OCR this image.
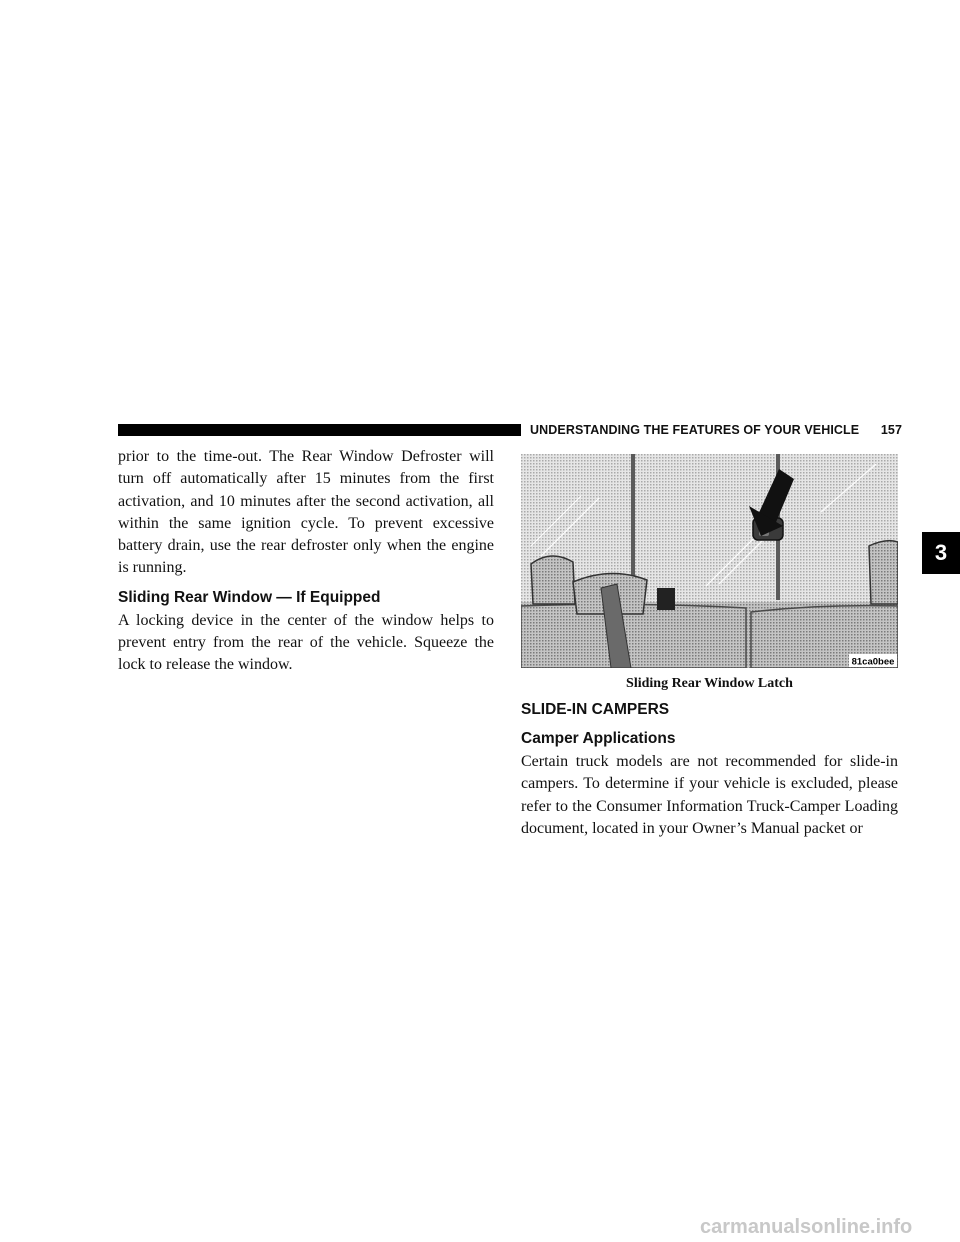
UNDERSTANDING THE FEATURES OF YOUR VEHICLE 157
3

prior to the time-out. The Rear Window Defroster will turn off automatically after 15 minutes from the first activation, and 10 minutes after the second activation, all within the same ignition cycle. To prevent excessive battery drain, use the rear defroster only when the engine is running.

Sliding Rear Window — If Equipped

A locking device in the center of the window helps to prevent entry from the rear of the vehicle. Squeeze the lock to release the window.	81ca0bee
Sliding Rear Window Latch
SLIDE-IN CAMPERS
Camper Applications

Certain truck models are not recommended for slide-in campers. To determine if your vehicle is excluded, please refer to the Consumer Information Truck-Camper Loading document, located in your Owner’s Manual packet or

carmanualsonline.info
